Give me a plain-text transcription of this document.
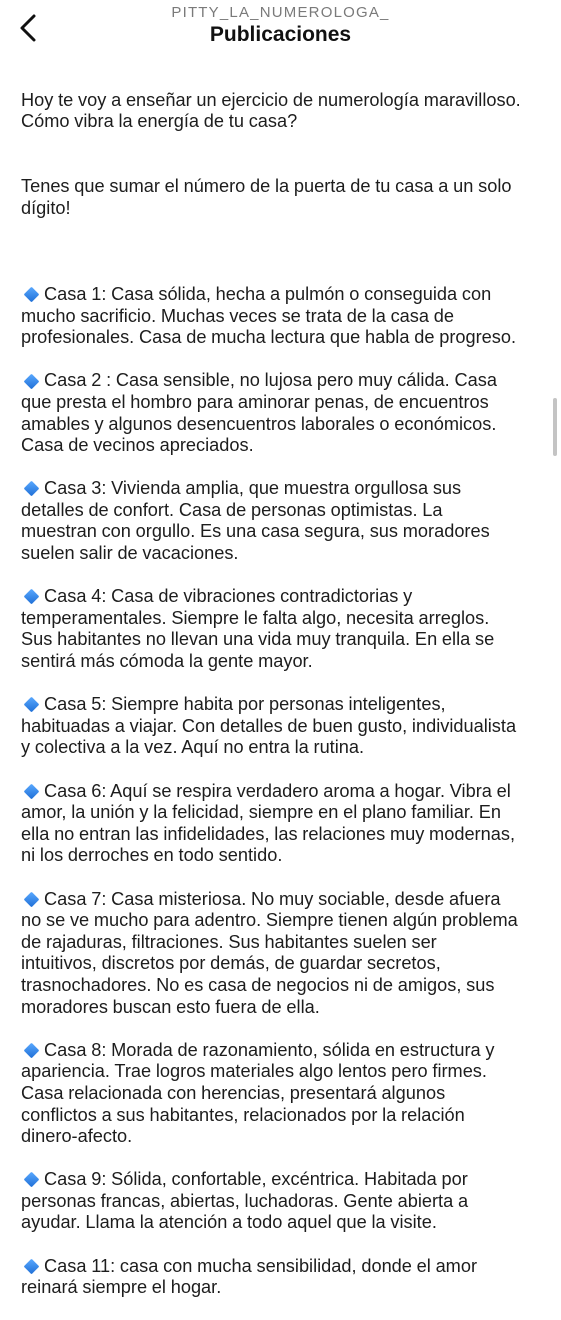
PITTY_LA_NUMEROLOGA_
Publicaciones

Hoy te voy a enseñar un ejercicio de numerología maravilloso.
Cómo vibra la energía de tu casa?

Tenes que sumar el número de la puerta de tu casa a un solo
dígito!

Casa 1: Casa sólida, hecha a pulmón o conseguida con
mucho sacrificio. Muchas veces se trata de la casa de
profesionales. Casa de mucha lectura que habla de progreso.

Casa 2 : Casa sensible, no lujosa pero muy cálida. Casa
que presta el hombro para aminorar penas, de encuentros
amables y algunos desencuentros laborales o económicos.
Casa de vecinos apreciados.

Casa 3: Vivienda amplia, que muestra orgullosa sus
detalles de confort. Casa de personas optimistas. La
muestran con orgullo. Es una casa segura, sus moradores
suelen salir de vacaciones.

Casa 4: Casa de vibraciones contradictorias y
temperamentales. Siempre le falta algo, necesita arreglos.
Sus habitantes no llevan una vida muy tranquila. En ella se
sentirá más cómoda la gente mayor.

Casa 5: Siempre habita por personas inteligentes,
habituadas a viajar. Con detalles de buen gusto, individualista
y colectiva a la vez. Aquí no entra la rutina.

Casa 6: Aquí se respira verdadero aroma a hogar. Vibra el
amor, la unión y la felicidad, siempre en el plano familiar. En
ella no entran las infidelidades, las relaciones muy modernas,
ni los derroches en todo sentido.

Casa 7: Casa misteriosa. No muy sociable, desde afuera
no se ve mucho para adentro. Siempre tienen algún problema
de rajaduras, filtraciones. Sus habitantes suelen ser
intuitivos, discretos por demás, de guardar secretos,
trasnochadores. No es casa de negocios ni de amigos, sus
moradores buscan esto fuera de ella.

Casa 8: Morada de razonamiento, sólida en estructura y
apariencia. Trae logros materiales algo lentos pero firmes.
Casa relacionada con herencias, presentará algunos
conflictos a sus habitantes, relacionados por la relación
dinero-afecto.

Casa 9: Sólida, confortable, excéntrica. Habitada por
personas francas, abiertas, luchadoras. Gente abierta a
ayudar. Llama la atención a todo aquel que la visite.

Casa 11: casa con mucha sensibilidad, donde el amor
reinará siempre el hogar.
